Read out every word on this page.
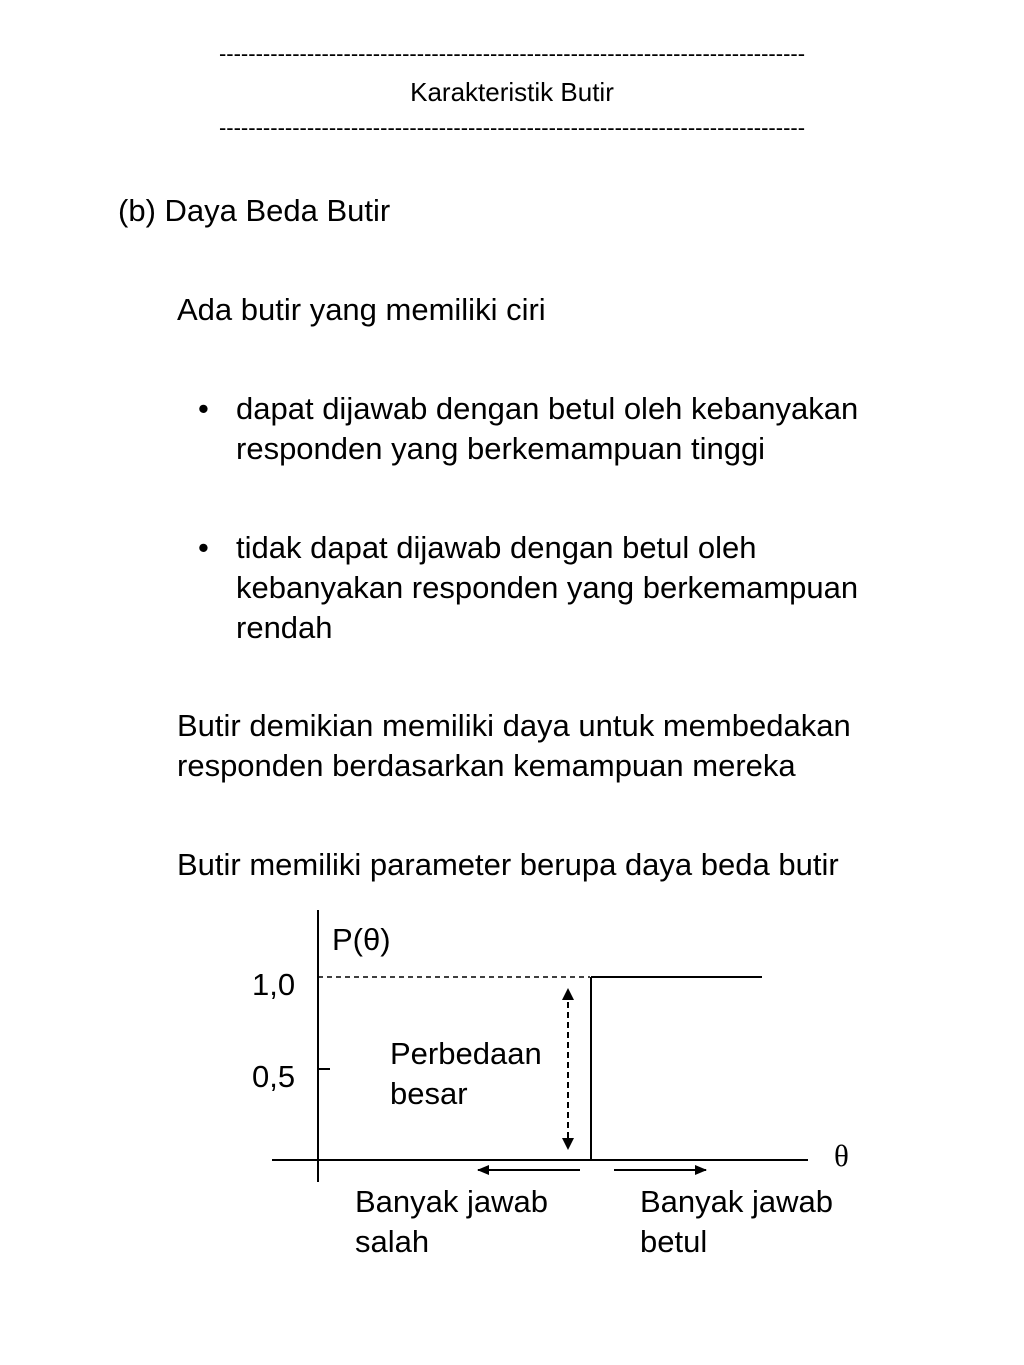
--------------------------------------------------------------------------------
Karakteristik Butir
--------------------------------------------------------------------------------
(b) Daya Beda Butir
Ada butir yang memiliki ciri
• dapat dijawab dengan betul oleh kebanyakan
responden yang berkemampuan tinggi
• tidak dapat dijawab dengan betul oleh
kebanyakan responden yang berkemampuan
rendah
Butir demikian memiliki daya untuk membedakan
responden berdasarkan kemampuan mereka
Butir memiliki parameter berupa daya beda butir
P(θ)
1,0
0,5
θ
Perbedaan
besar
Banyak jawab
salah
Banyak jawab
betul
